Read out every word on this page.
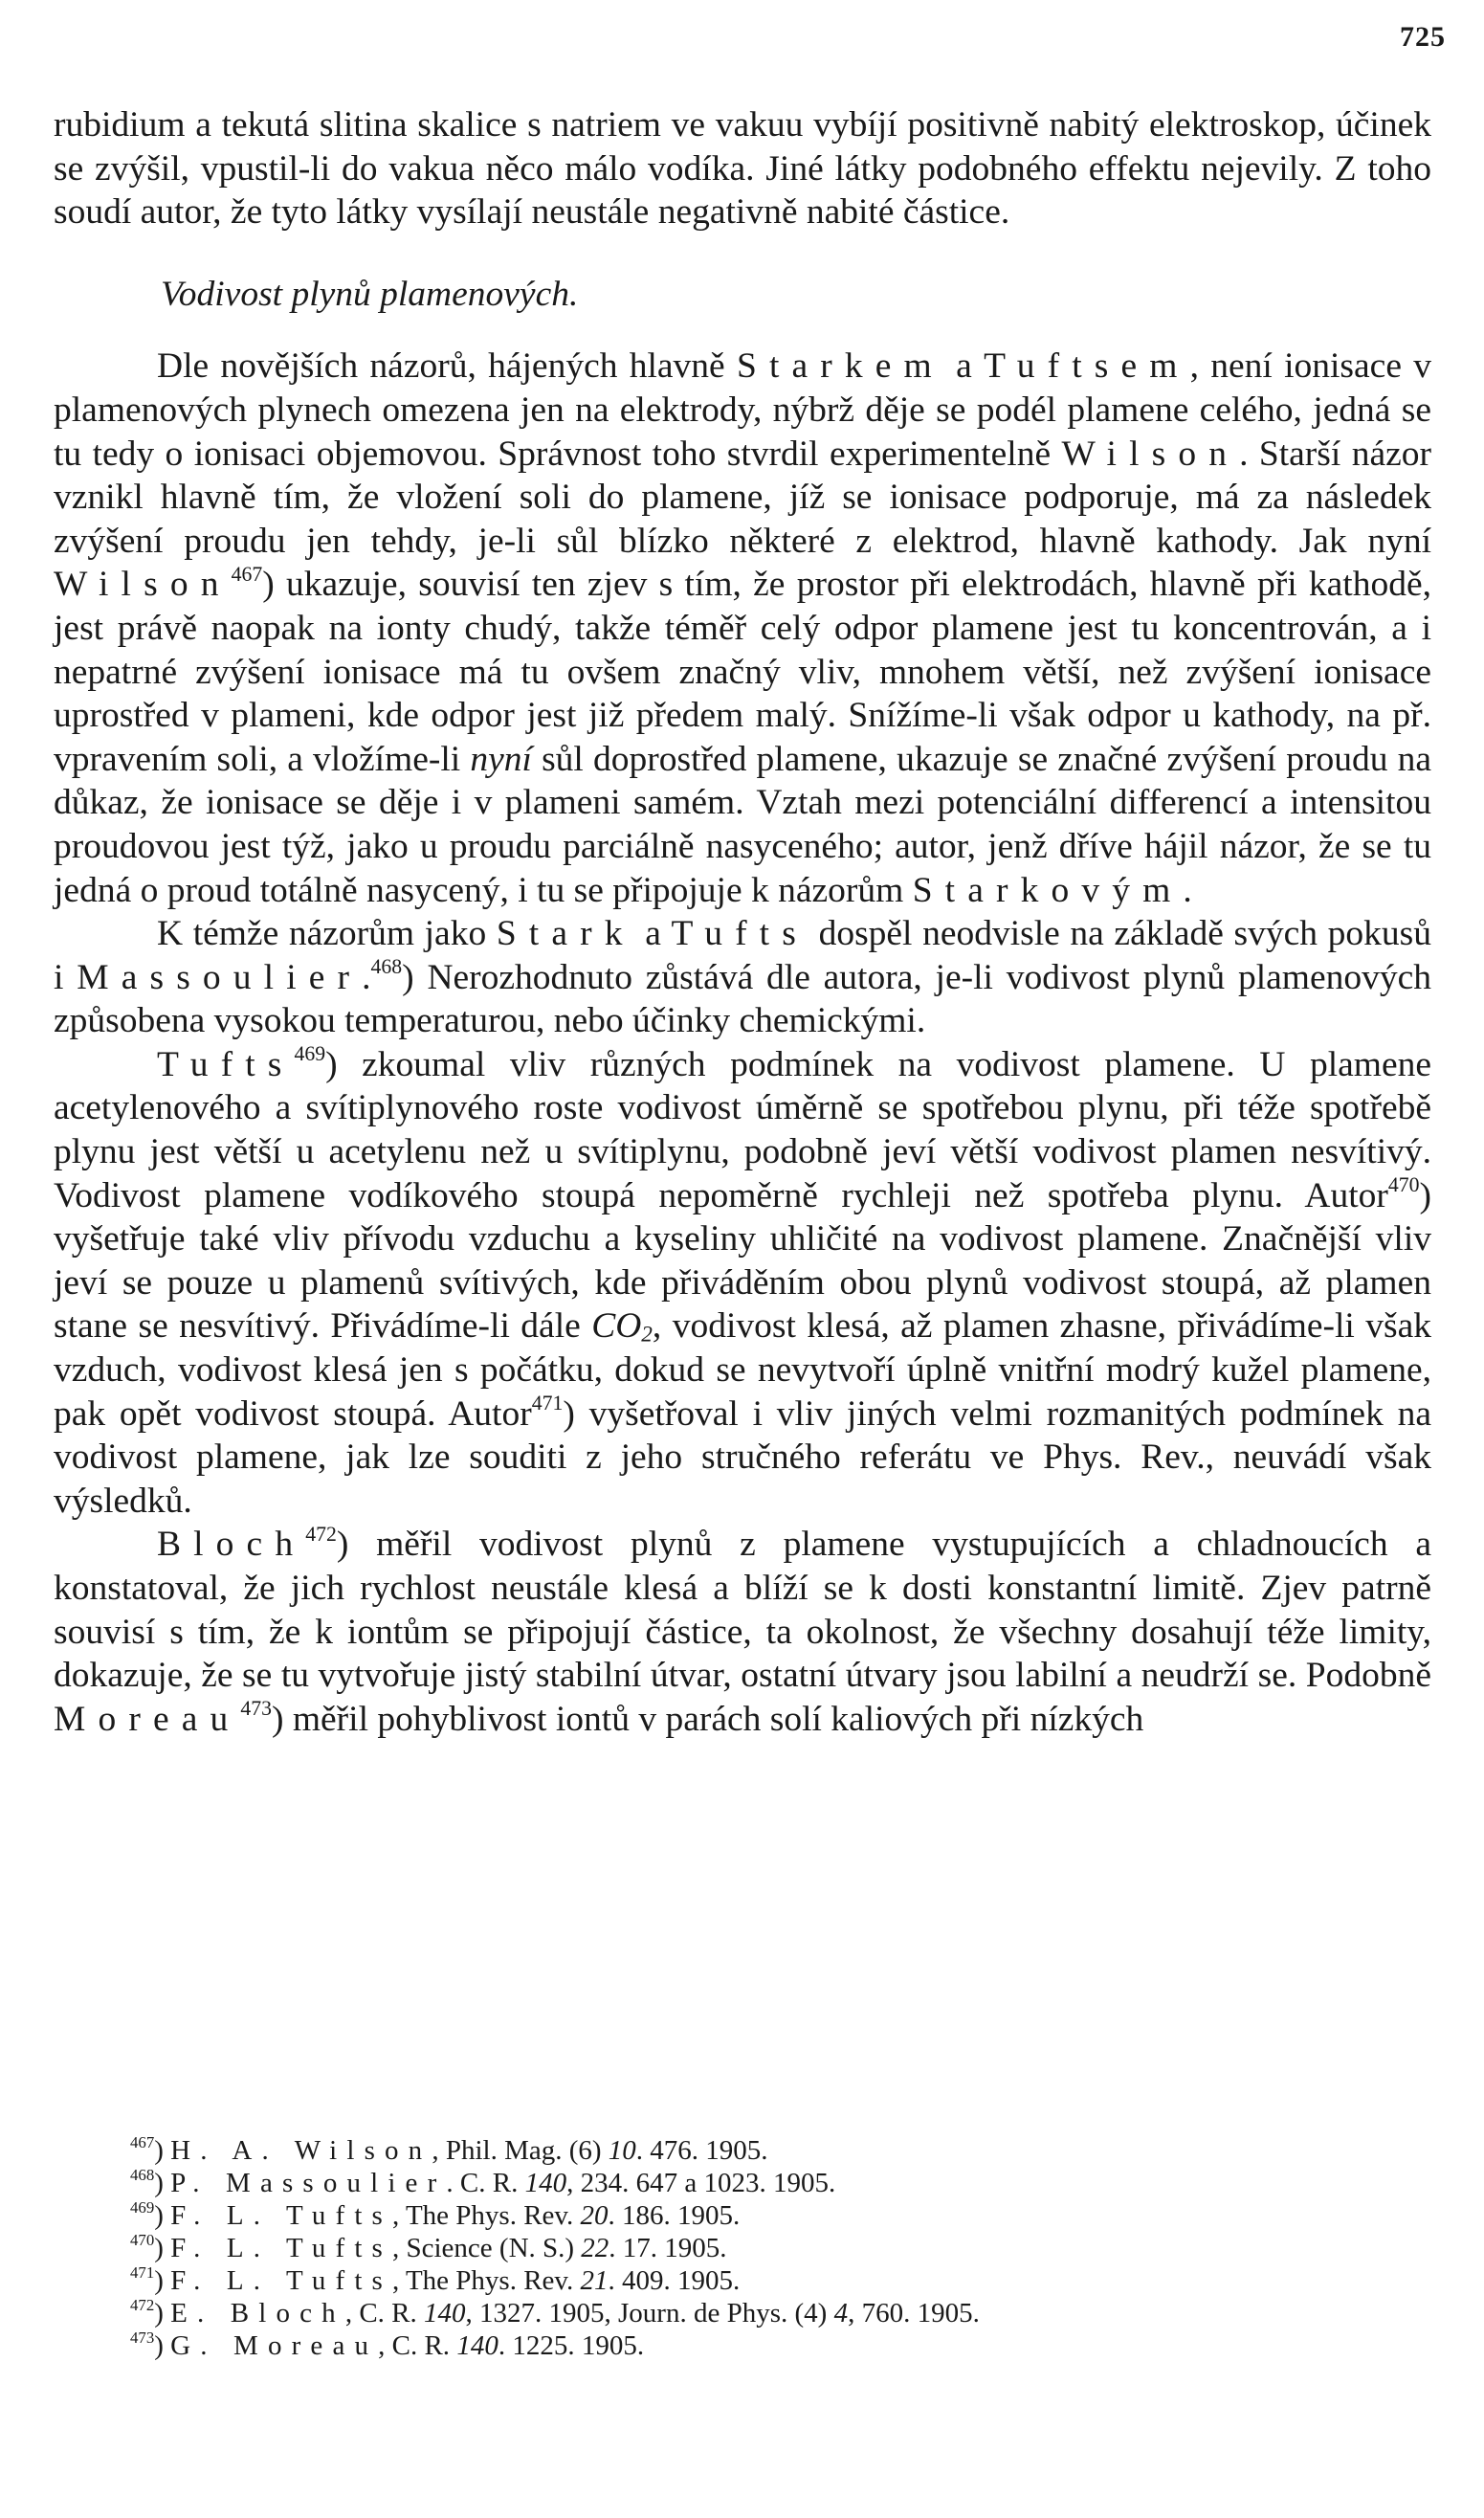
725

rubidium a tekutá slitina skalice s natriem ve vakuu vybíjí positivně nabitý elektroskop, účinek se zvýšil, vpustil-li do vakua něco málo vodíka. Jiné látky podobného effektu nejevily. Z toho soudí autor, že tyto látky vysílají neustále negativně nabité částice.

Vodivost plynů plamenových.

Dle novějších názorů, hájených hlavně Starkem a Tuftsem, není ionisace v plamenových plynech omezena jen na elektrody, nýbrž děje se podél plamene celého, jedná se tu tedy o ionisaci objemovou. Správnost toho stvrdil experimentelně Wilson. Starší názor vznikl hlavně tím, že vložení soli do plamene, jíž se ionisace podporuje, má za následek zvýšení proudu jen tehdy, je-li sůl blízko některé z elektrod, hlavně kathody. Jak nyní Wilson$^{467}$) ukazuje, souvisí ten zjev s tím, že prostor při elektrodách, hlavně při kathodě, jest právě naopak na ionty chudý, takže téměř celý odpor plamene jest tu koncentrován, a i nepatrné zvýšení ionisace má tu ovšem značný vliv, mnohem větší, než zvýšení ionisace uprostřed v plameni, kde odpor jest již předem malý. Snížíme-li však odpor u kathody, na př. vpravením soli, a vložíme-li nyní sůl doprostřed plamene, ukazuje se značné zvýšení proudu na důkaz, že ionisace se děje i v plameni samém. Vztah mezi potenciální differencí a intensitou proudovou jest týž, jako u proudu parciálně nasyceného; autor, jenž dříve hájil názor, že se tu jedná o proud totálně nasycený, i tu se připojuje k názorům Starkovým.

K témže názorům jako Stark a Tufts dospěl neodvisle na základě svých pokusů i Massoulier.$^{468}$) Nerozhodnuto zůstává dle autora, je-li vodivost plynů plamenových způsobena vysokou temperaturou, nebo účinky chemickými.

Tufts$^{469}$) zkoumal vliv různých podmínek na vodivost plamene. U plamene acetylenového a svítiplynového roste vodivost úměrně se spotřebou plynu, při téže spotřebě plynu jest větší u acetylenu než u svítiplynu, podobně jeví větší vodivost plamen nesvítivý. Vodivost plamene vodíkového stoupá nepoměrně rychleji než spotřeba plynu. Autor$^{470}$) vyšetřuje také vliv přívodu vzduchu a kyseliny uhličité na vodivost plamene. Značnější vliv jeví se pouze u plamenů svítivých, kde přiváděním obou plynů vodivost stoupá, až plamen stane se nesvítivý. Přivádíme-li dále $CO_2$, vodivost klesá, až plamen zhasne, přivádíme-li však vzduch, vodivost klesá jen s počátku, dokud se nevytvoří úplně vnitřní modrý kužel plamene, pak opět vodivost stoupá. Autor$^{471}$) vyšetřoval i vliv jiných velmi rozmanitých podmínek na vodivost plamene, jak lze souditi z jeho stručného referátu ve Phys. Rev., neuvádí však výsledků.

Bloch$^{472}$) měřil vodivost plynů z plamene vystupujících a chladnoucích a konstatoval, že jich rychlost neustále klesá a blíží se k dosti konstantní limitě. Zjev patrně souvisí s tím, že k iontům se připojují částice, ta okolnost, že všechny dosahují téže limity, dokazuje, že se tu vytvořuje jistý stabilní útvar, ostatní útvary jsou labilní a neudrží se. Podobně Moreau$^{473}$) měřil pohyblivost iontů v parách solí kaliových při nízkých

$^{467}$) H. A. Wilson, Phil. Mag. (6) 10. 476. 1905.
$^{468}$) P. Massoulier. C. R. 140, 234. 647 a 1023. 1905.
$^{469}$) F. L. Tufts, The Phys. Rev. 20. 186. 1905.
$^{470}$) F. L. Tufts, Science (N. S.) 22. 17. 1905.
$^{471}$) F. L. Tufts, The Phys. Rev. 21. 409. 1905.
$^{472}$) E. Bloch, C. R. 140, 1327. 1905, Journ. de Phys. (4) 4, 760. 1905.
$^{473}$) G. Moreau, C. R. 140. 1225. 1905.
